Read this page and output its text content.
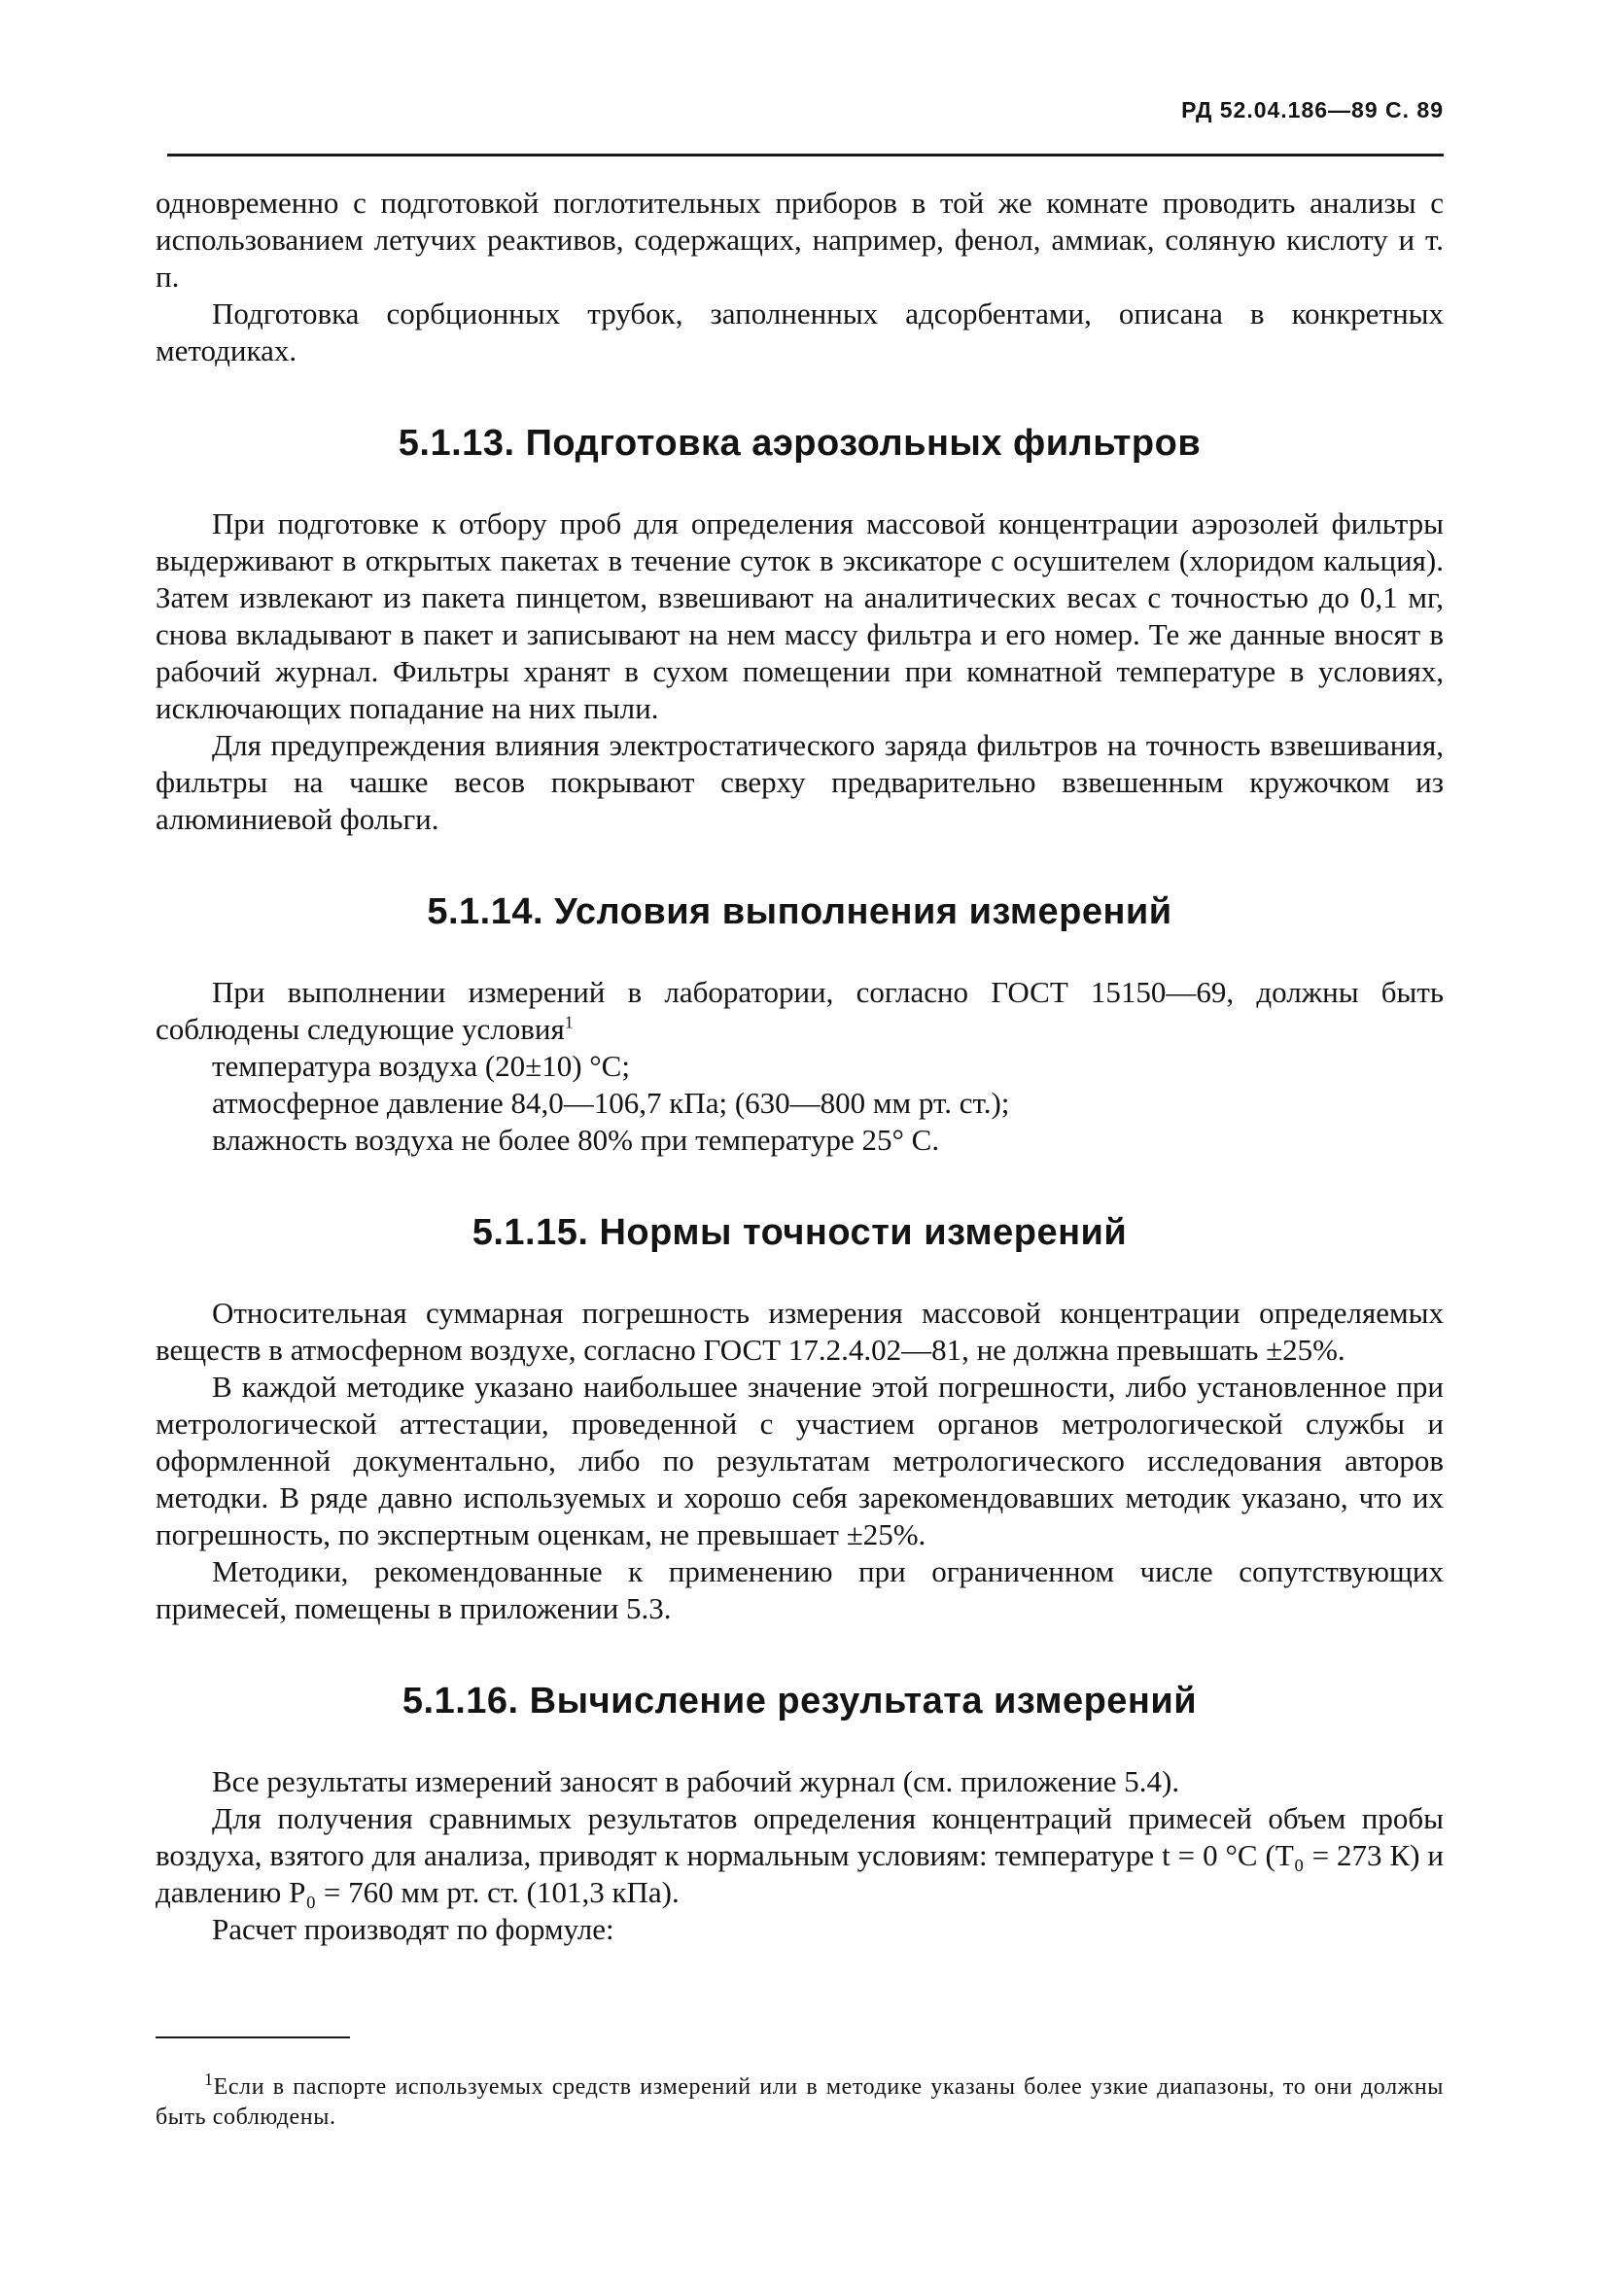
РД 52.04.186—89 С. 89

одновременно с подготовкой поглотительных приборов в той же комнате проводить анализы с использованием летучих реактивов, содержащих, например, фенол, аммиак, соляную кислоту и т. п.

Подготовка сорбционных трубок, заполненных адсорбентами, описана в конкретных методиках.

5.1.13. Подготовка аэрозольных фильтров

При подготовке к отбору проб для определения массовой концентрации аэрозолей фильтры выдерживают в открытых пакетах в течение суток в эксикаторе с осушителем (хлоридом кальция). Затем извлекают из пакета пинцетом, взвешивают на аналитических весах с точностью до 0,1 мг, снова вкладывают в пакет и записывают на нем массу фильтра и его номер. Те же данные вносят в рабочий журнал. Фильтры хранят в сухом помещении при комнатной температуре в условиях, исключающих попадание на них пыли.

Для предупреждения влияния электростатического заряда фильтров на точность взвешивания, фильтры на чашке весов покрывают сверху предварительно взвешенным кружочком из алюминиевой фольги.

5.1.14. Условия выполнения измерений

При выполнении измерений в лаборатории, согласно ГОСТ 15150—69, должны быть соблюдены следующие условия$^1$

температура воздуха (20±10) °С;

атмосферное давление 84,0—106,7 кПа; (630—800 мм рт. ст.);

влажность воздуха не более 80% при температуре 25° С.

5.1.15. Нормы точности измерений

Относительная суммарная погрешность измерения массовой концентрации определяемых веществ в атмосферном воздухе, согласно ГОСТ 17.2.4.02—81, не должна превышать ±25%.

В каждой методике указано наибольшее значение этой погрешности, либо установленное при метрологической аттестации, проведенной с участием органов метрологической службы и оформленной документально, либо по результатам метрологического исследования авторов методки. В ряде давно используемых и хорошо себя зарекомендовавших методик указано, что их погрешность, по экспертным оценкам, не превышает ±25%.

Методики, рекомендованные к применению при ограниченном числе сопутствующих примесей, помещены в приложении 5.3.

5.1.16. Вычисление результата измерений

Все результаты измерений заносят в рабочий журнал (см. приложение 5.4).

Для получения сравнимых результатов определения концентраций примесей объем пробы воздуха, взятого для анализа, приводят к нормальным условиям: температуре t = 0 °С (T₀ = 273 К) и давлению P₀ = 760 мм рт. ст. (101,3 кПа).

Расчет производят по формуле:

$^1$Если в паспорте используемых средств измерений или в методике указаны более узкие диапазоны, то они должны быть соблюдены.
